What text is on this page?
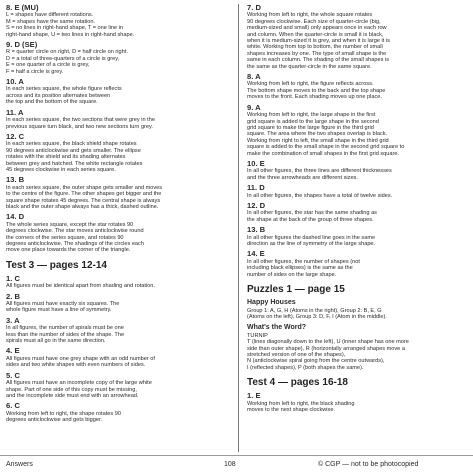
8. E (MU)

L = shapes have different rotations.

M = shapes have the same rotation.

S = no lines in right-hand shape, T = one line in

right-hand shape, U = two lines in right-hand shape.

9. D (SE)

R = quarter circle on right, D = half circle on right.

D = a total of three-quarters of a circle is grey,

E = one quarter of a circle is grey,

F = half a circle is grey.

10. A

In each series square, the whole figure reflects

across and its position alternates between

the top and the bottom of the square.

11. A

In each series square, the two sections that were grey in the

previous square turn black, and two new sections turn grey.

12. C

In each series square, the black shield shape rotates

90 degrees anticlockwise and gets smaller. The ellipse

rotates with the shield and its shading alternates

between grey and hatched. The white rectangle rotates

45 degrees clockwise in each series square.

13. B

In each series square, the outer shape gets smaller and moves

to the centre of the figure. The other shapes get bigger and the

square shape rotates 45 degrees. The central shape is always

black and the outer shape always has a thick, dashed outline.

14. D

The whole series square, except the star rotates 90

degrees clockwise. The star moves anticlockwise round

the corners of the series square, and rotates 90

degrees anticlockwise. The shadings of the circles each

move one place towards the corner of the triangle.

Test 3 — pages 12-14
1. C

All figures must be identical apart from shading and rotation.

2. B

All figures must have exactly six squares. The

whole figure must have a line of symmetry.

3. A

In all figures, the number of spirals must be one

less than the number of sides of the shape. The

spirals must all go in the same direction.

4. E

All figures must have one grey shape with an odd number of

sides and two white shapes with even numbers of sides.

5. C

All figures must have an incomplete copy of the large white

shape. Part of one side of this copy must be missing,

and the incomplete side must end with an arrowhead.

6. C

Working from left to right, the shape rotates 90

degrees anticlockwise and gets bigger.

7. D

Working from left to right, the whole square rotates

90 degrees clockwise. Each size of quarter-circle (big,

medium-sized and small) only appears once in each row

and column. When the quarter-circle is small it is black,

when it is medium-sized it is grey, and when it is large it is

white. Working from top to bottom, the number of small

shapes increases by one. The type of small shape is the

same in each column. The shading of the small shapes is

the same as the quarter-circle in the same square.

8. A

Working from left to right, the figure reflects across.

The bottom shape moves to the back and the top shape

moves to the front. Each shading moves up one place.

9. A

Working from left to right, the large shape in the first

grid square is added to the large shape in the second

grid square to make the large figure in the third grid

square. The area where the two shapes overlap is black.

Working from right to left, the small shape in the third grid

square is added to the small shape in the second grid square to

make the combination of small shapes in the first grid square.

10. E

In all other figures, the three lines are different thicknesses

and the three arrowheads are different sizes.

11. D

In all other figures, the shapes have a total of twelve sides.

12. D

In all other figures, the star has the same shading as

the shape at the back of the group of three shapes.

13. B

In all other figures the dashed line goes in the same

direction as the line of symmetry of the large shape.

14. E

In all other figures, the number of shapes (not

including black ellipses) is the same as the

number of sides on the large shape.

Puzzles 1 — page 15
Happy Houses

Group 1: A, G, H (Atoms in the right), Group 2: B, E, G

(Atoms on the left), Group 3: D, F, I (Atom in the middle).

What's the Word?

TURNIP

T (lines diagonally down to the left), U (inner shape has one more

side than outer shape), R (horizontally arranged shapes move a

stretched version of one of the shapes),

N (anticlockwise spiral going from the centre outwards),

I (reflected shapes), P (both shapes the same).

Test 4 — pages 16-18
1. E

Working from left to right, the black shading

moves to the next shape clockwise.

Answers	108	© CGP — not to be photocopied
